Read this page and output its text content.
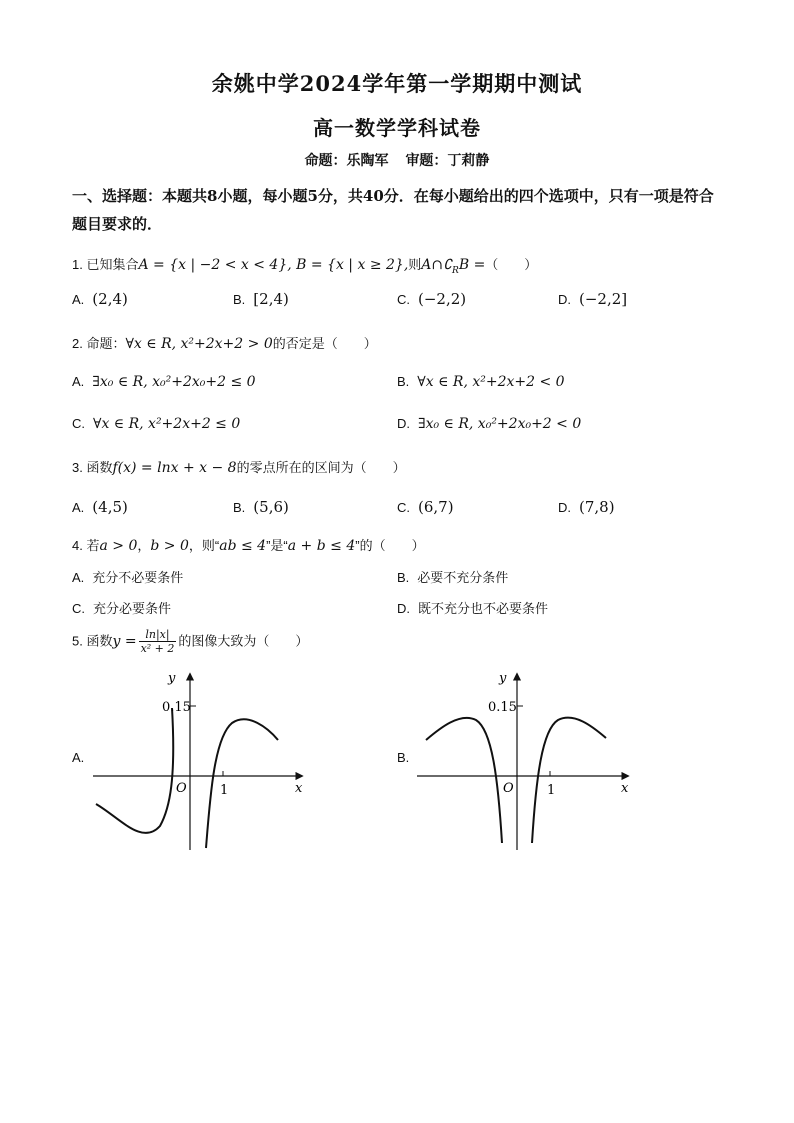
余姚中学2024学年第一学期期中测试
高一数学学科试卷
命题：乐陶军 审题：丁莉静
一、选择题：本题共8小题，每小题5分，共40分．在每小题给出的四个选项中，只有一项是符合题目要求的．
1. 已知集合A = {x | −2 < x < 4}, B = {x | x ≥ 2},则$A\cap∁_RB$ =（　　）
A. (2,4)	B. [2,4)	C. (−2,2)	D. (−2,2]
2. 命题：∀x ∈ R, x²+2x+2 > 0的否定是（　　）
A. ∃x₀ ∈ R, x₀²+2x₀+2 ≤ 0	B. ∀x ∈ R, x²+2x+2 < 0
C. ∀x ∈ R, x²+2x+2 ≤ 0	D. ∃x₀ ∈ R, x₀²+2x₀+2 < 0
3. 函数f(x) = lnx + x − 8的零点所在的区间为（　　）
A. (4,5)	B. (5,6)	C. (6,7)	D. (7,8)
4. 若a > 0，b > 0，则“ab ≤ 4”是“a + b ≤ 4”的（　　）
A. 充分不必要条件	B. 必要不充分条件
C. 充分必要条件	D. 既不充分也不必要条件
5. 函数$y = \frac{\ln|x|}{\text{x² + 2}}$ 的图像大致为（　　）
A.
y
0.15
O	1	x
B.
y
0.15
O	1	x
